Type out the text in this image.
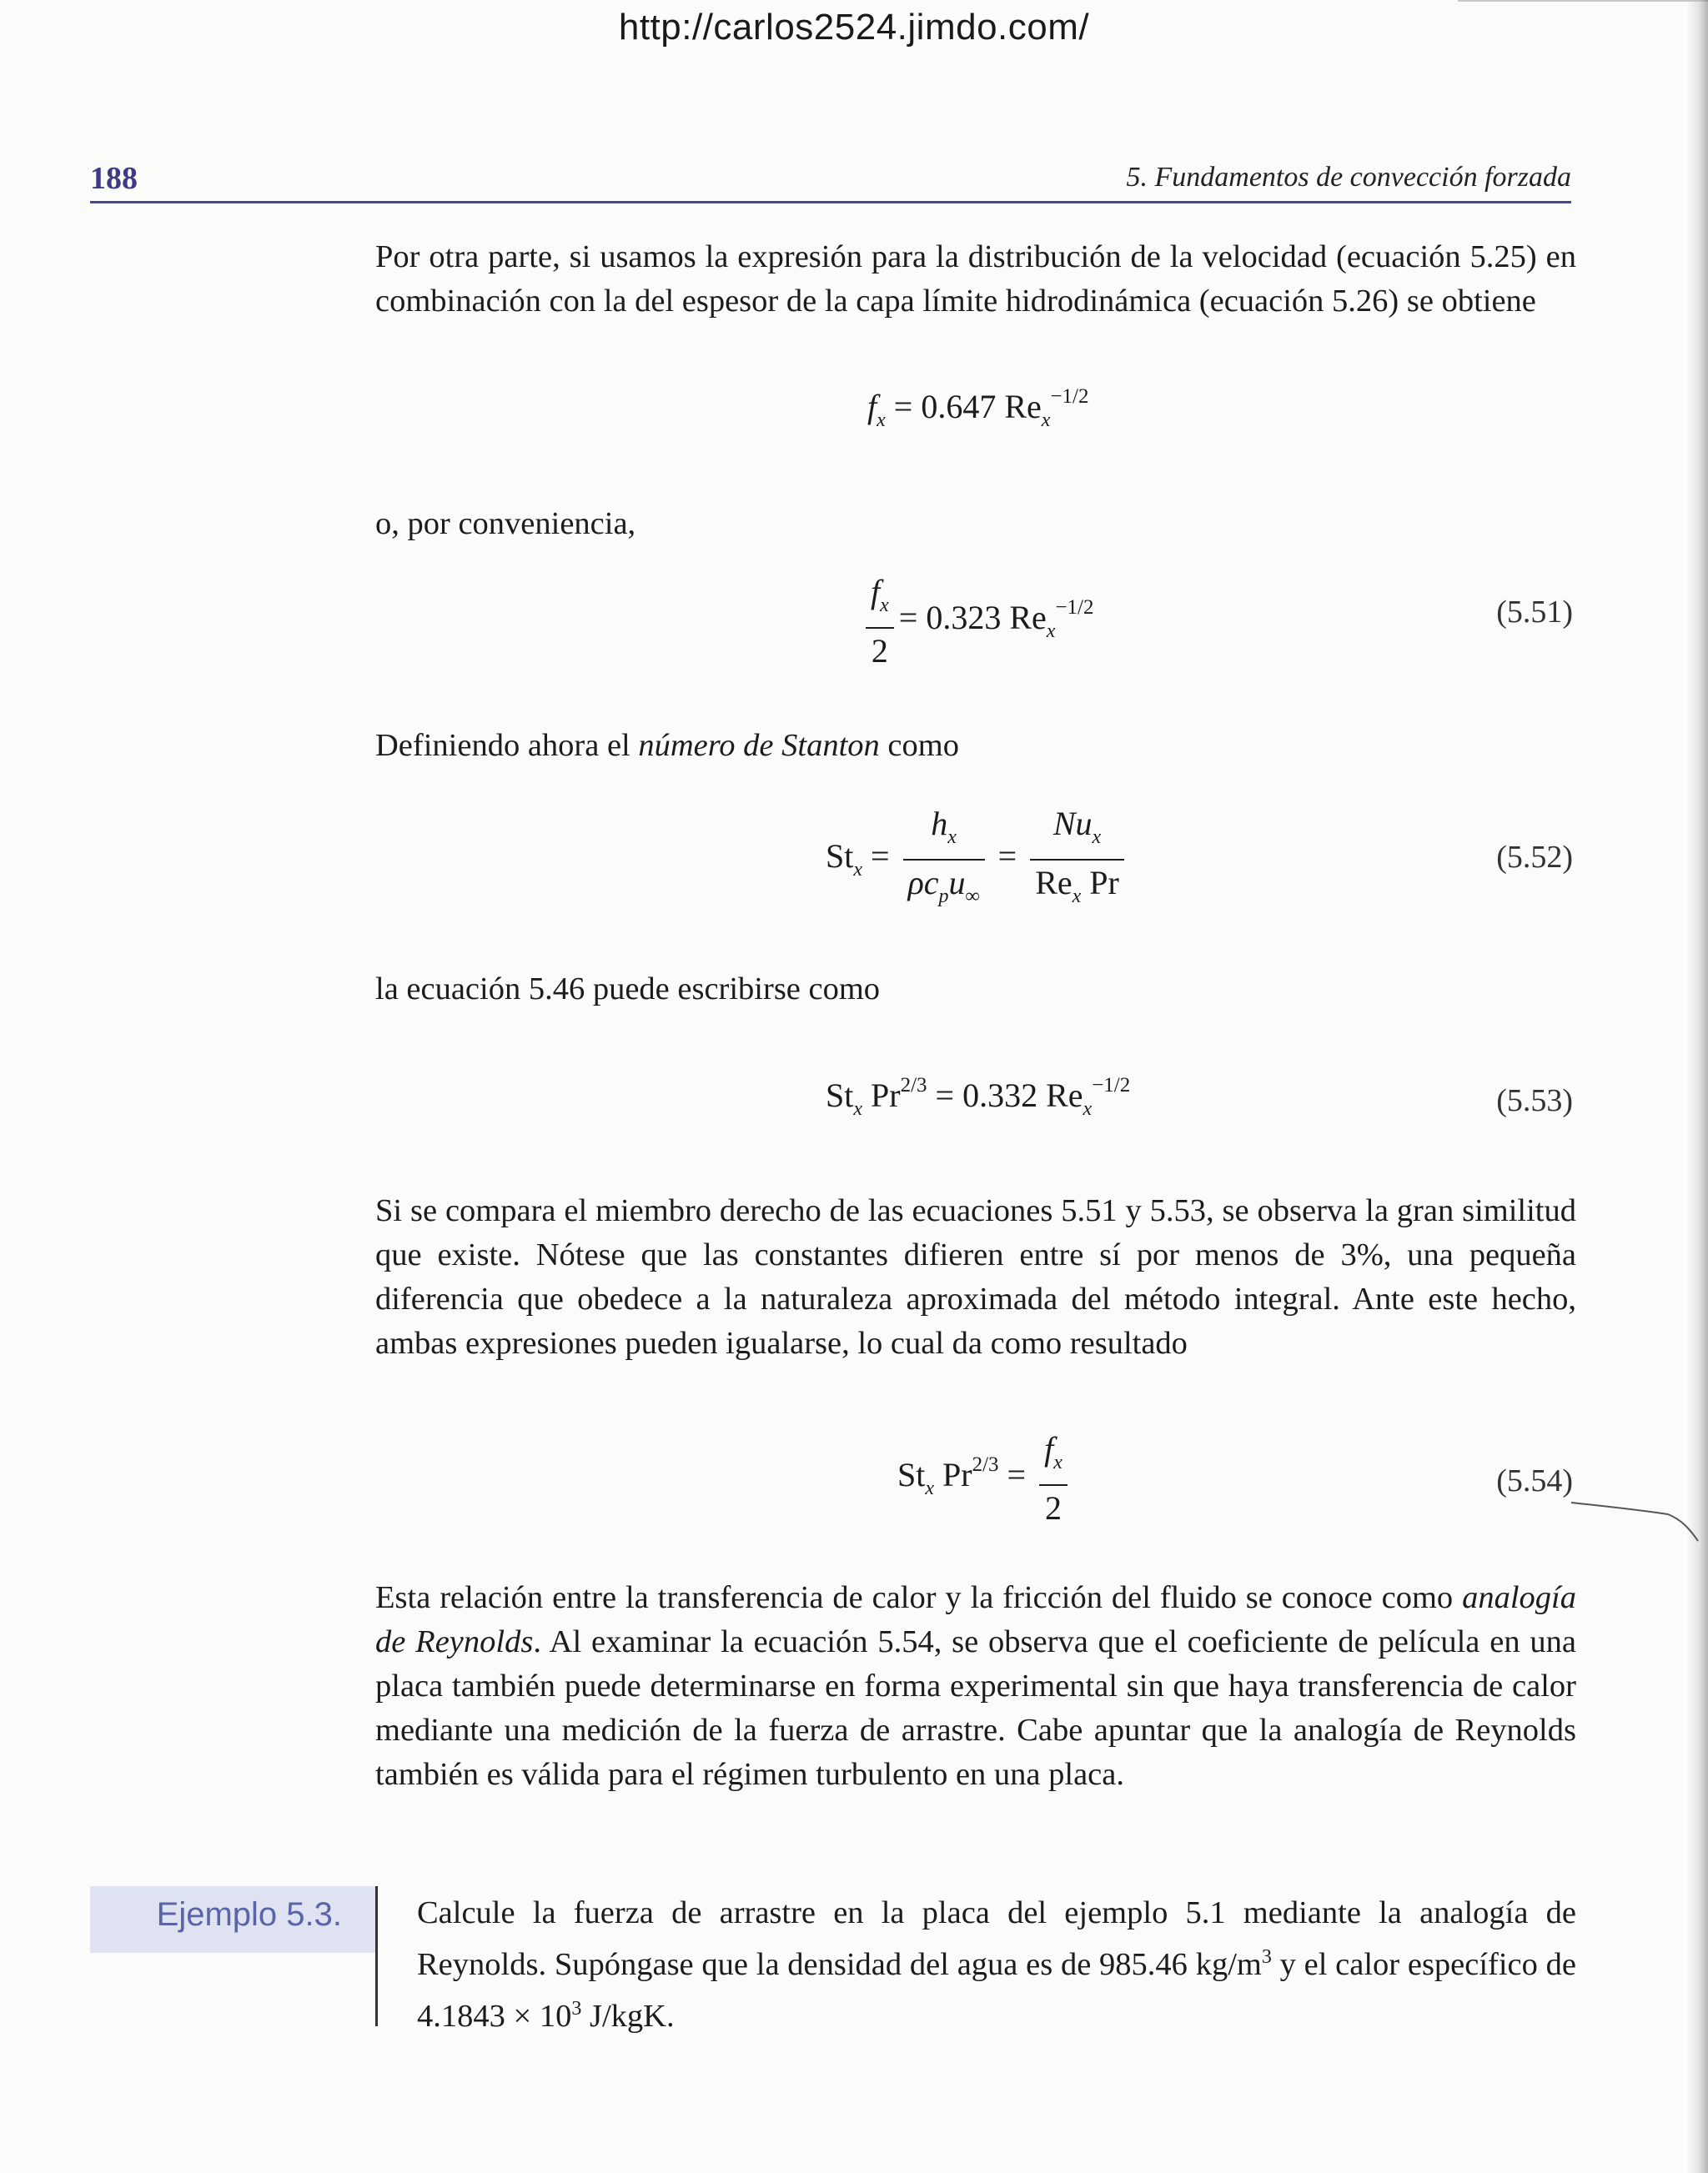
http://carlos2524.jimdo.com/
188	5. Fundamentos de convección forzada
Por otra parte, si usamos la expresión para la distribución de la velocidad (ecuación 5.25) en combinación con la del espesor de la capa límite hidrodinámica (ecuación 5.26) se obtiene
$f_x = 0.647$ $Re_x^{-1/2}$
o, por conveniencia,
$\frac{f_x}{2} = 0.323$ $Re_x^{-1/2}$	(5.51)
Definiendo ahora el número de Stanton como
$St_x = \frac{h_x}{\rho c_pu_\infty} = \frac{Nu_x}{Re_x Pr}$	(5.52)
la ecuación 5.46 puede escribirse como
$St_x$ $Pr^{2/3} = 0.332$ $Re_x^{-1/2}$	(5.53)
Si se compara el miembro derecho de las ecuaciones 5.51 y 5.53, se observa la gran similitud que existe. Nótese que las constantes difieren entre sí por menos de 3%, una pequeña diferencia que obedece a la naturaleza aproximada del método integral. Ante este hecho, ambas expresiones pueden igualarse, lo cual da como resultado
$St_x$ $Pr^{2/3} = \frac{f_x}{2}$	(5.54)
Esta relación entre la transferencia de calor y la fricción del fluido se conoce como analogía de Reynolds. Al examinar la ecuación 5.54, se observa que el coeficiente de película en una placa también puede determinarse en forma experimental sin que haya transferencia de calor mediante una medición de la fuerza de arrastre. Cabe apuntar que la analogía de Reynolds también es válida para el régimen turbulento en una placa.
Ejemplo 5.3. Calcule la fuerza de arrastre en la placa del ejemplo 5.1 mediante la analogía de Reynolds. Supóngase que la densidad del agua es de 985.46 $kg/m^3$ y el calor específico de $4.1843 \times 10^3$ J/kgK.
